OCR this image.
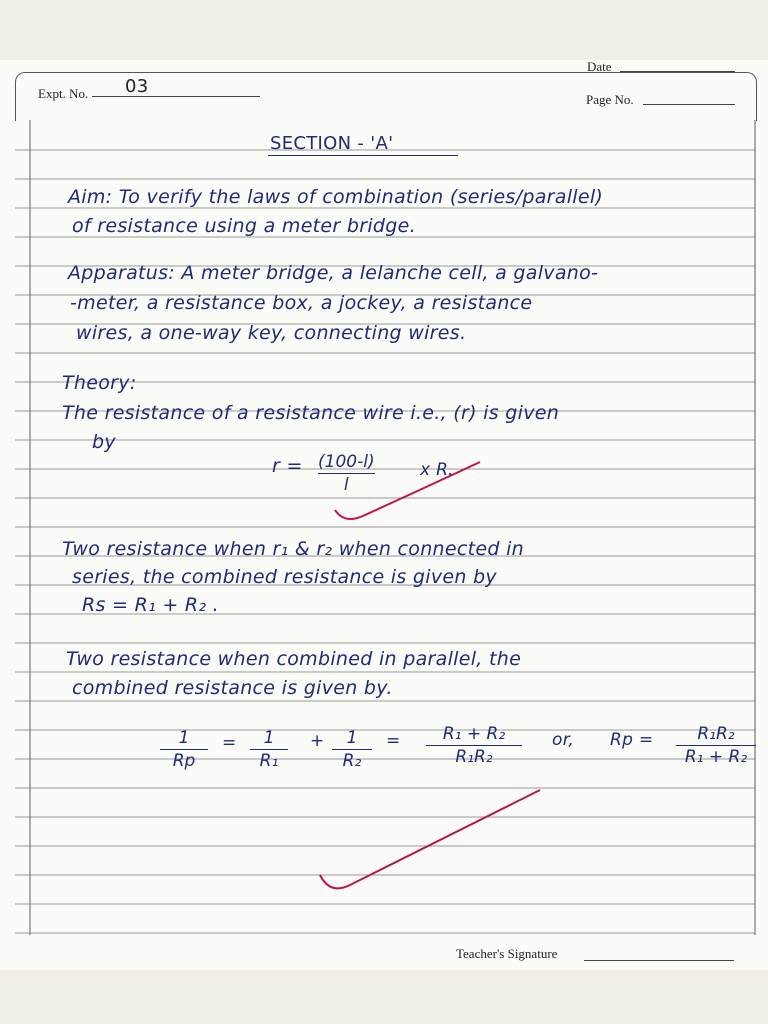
Date
Expt. No. 03
Page No.
SECTION - 'A'
Aim: To verify the laws of combination (series/parallel)
of resistance using a meter bridge.
Apparatus: A meter bridge, a lelanche cell, a galvano-
-meter, a resistance box, a jockey, a resistance
wires, a one-way key, connecting wires.
Theory:
The resistance of a resistance wire i.e., (r) is given
by
r = (100-l)
l
x R.
Two resistance when r₁ & r₂ when connected in
series, the combined resistance is given by
Rs = R₁ + R₂ .
Two resistance when combined in parallel, the
combined resistance is given by.
1
Rp
= 1
R₁
+ 1
R₂
= R₁ + R₂
R₁R₂
or, Rp =	R₁R₂
R₁ + R₂
Teacher's Signature
